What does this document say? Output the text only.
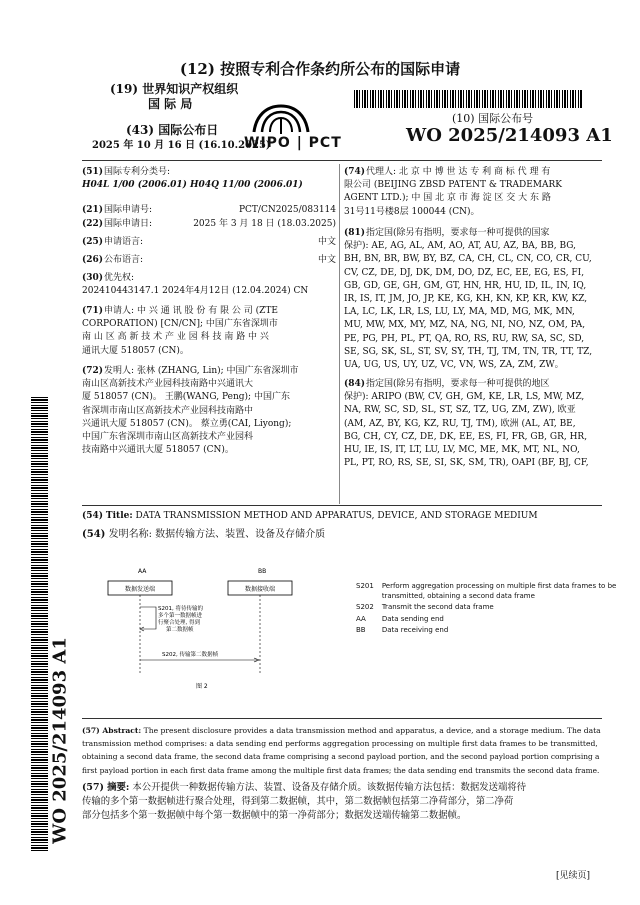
(12) 按照专利合作条约所公布的国际申请
(19) 世界知识产权组织
国 际 局
(43) 国际公布日
2025 年 10 月 16 日 (16.10.2025)
(10) 国际公布号
WO 2025/214093 A1
WIPO | PCT
(51) 国际专利分类号:
H04L 1/00 (2006.01) H04Q 11/00 (2006.01)
(21) 国际申请号:	PCT/CN2025/083114
(22) 国际申请日:	2025 年 3 月 18 日 (18.03.2025)
(25) 申请语言:	中文
(26) 公布语言:	中文
(30) 优先权:
202410443147.1 2024年4月12日 (12.04.2024) CN
(71) 申请人: 中 兴 通 讯 股 份 有 限 公 司 (ZTE
CORPORATION) [CN/CN]; 中国广东省深圳市
南 山 区 高 新 技 术 产 业 园 科 技 南 路 中 兴
通讯大厦 518057 (CN)。
(72) 发明人: 张林 (ZHANG, Lin); 中国广东省深圳市
南山区高新技术产业园科技南路中兴通讯大
厦 518057 (CN)。 王鹏(WANG, Peng); 中国广东
省深圳市南山区高新技术产业园科技南路中
兴通讯大厦 518057 (CN)。 蔡立勇(CAI, Liyong);
中国广东省深圳市南山区高新技术产业园科
技南路中兴通讯大厦 518057 (CN)。
(74) 代理人: 北 京 中 博 世 达 专 利 商 标 代 理 有
限公司 (BEIJING ZBSD PATENT & TRADEMARK
AGENT LTD.); 中 国 北 京 市 海 淀 区 交 大 东 路
31号11号楼8层 100044 (CN)。
(81) 指定国(除另有指明，要求每一种可提供的国家
保护): AE, AG, AL, AM, AO, AT, AU, AZ, BA, BB, BG,
BH, BN, BR, BW, BY, BZ, CA, CH, CL, CN, CO, CR, CU,
CV, CZ, DE, DJ, DK, DM, DO, DZ, EC, EE, EG, ES, FI,
GB, GD, GE, GH, GM, GT, HN, HR, HU, ID, IL, IN, IQ,
IR, IS, IT, JM, JO, JP, KE, KG, KH, KN, KP, KR, KW, KZ,
LA, LC, LK, LR, LS, LU, LY, MA, MD, MG, MK, MN,
MU, MW, MX, MY, MZ, NA, NG, NI, NO, NZ, OM, PA,
PE, PG, PH, PL, PT, QA, RO, RS, RU, RW, SA, SC, SD,
SE, SG, SK, SL, ST, SV, SY, TH, TJ, TM, TN, TR, TT, TZ,
UA, UG, US, UY, UZ, VC, VN, WS, ZA, ZM, ZW。
(84) 指定国(除另有指明，要求每一种可提供的地区
保护): ARIPO (BW, CV, GH, GM, KE, LR, LS, MW, MZ,
NA, RW, SC, SD, SL, ST, SZ, TZ, UG, ZM, ZW), 欧亚
(AM, AZ, BY, KG, KZ, RU, TJ, TM), 欧洲 (AL, AT, BE,
BG, CH, CY, CZ, DE, DK, EE, ES, FI, FR, GB, GR, HR,
HU, IE, IS, IT, LT, LU, LV, MC, ME, MK, MT, NL, NO,
PL, PT, RO, RS, SE, SI, SK, SM, TR), OAPI (BF, BJ, CF,
(54) Title: DATA TRANSMISSION METHOD AND APPARATUS, DEVICE, AND STORAGE MEDIUM
(54) 发明名称: 数据传输方法、装置、设备及存储介质
AA	BB
数据发送端	数据接收端
S201, 将待传输的 多个第一数据帧进 行聚合处理, 得到 第二数据帧
S202, 传输第二数据帧
图 2
S201	Perform aggregation processing on multiple first data frames to be
transmitted, obtaining a second data frame

S202	Transmit the second data frame

AA	Data sending end

BB	Data receiving end
(57) Abstract: The present disclosure provides a data transmission method and apparatus, a device, and a storage medium. The data
transmission method comprises: a data sending end performs aggregation processing on multiple first data frames to be transmitted,
obtaining a second data frame, the second data frame comprising a second payload portion, and the second payload portion comprising a
first payload portion in each first data frame among the multiple first data frames; the data sending end transmits the second data frame.
(57) 摘要: 本公开提供一种数据传输方法、装置、设备及存储介质。该数据传输方法包括：数据发送端将待
传输的多个第一数据帧进行聚合处理，得到第二数据帧，其中，第二数据帧包括第二净荷部分，第二净荷
部分包括多个第一数据帧中每个第一数据帧中的第一净荷部分；数据发送端传输第二数据帧。
WO 2025/214093 A1
[见续页]
